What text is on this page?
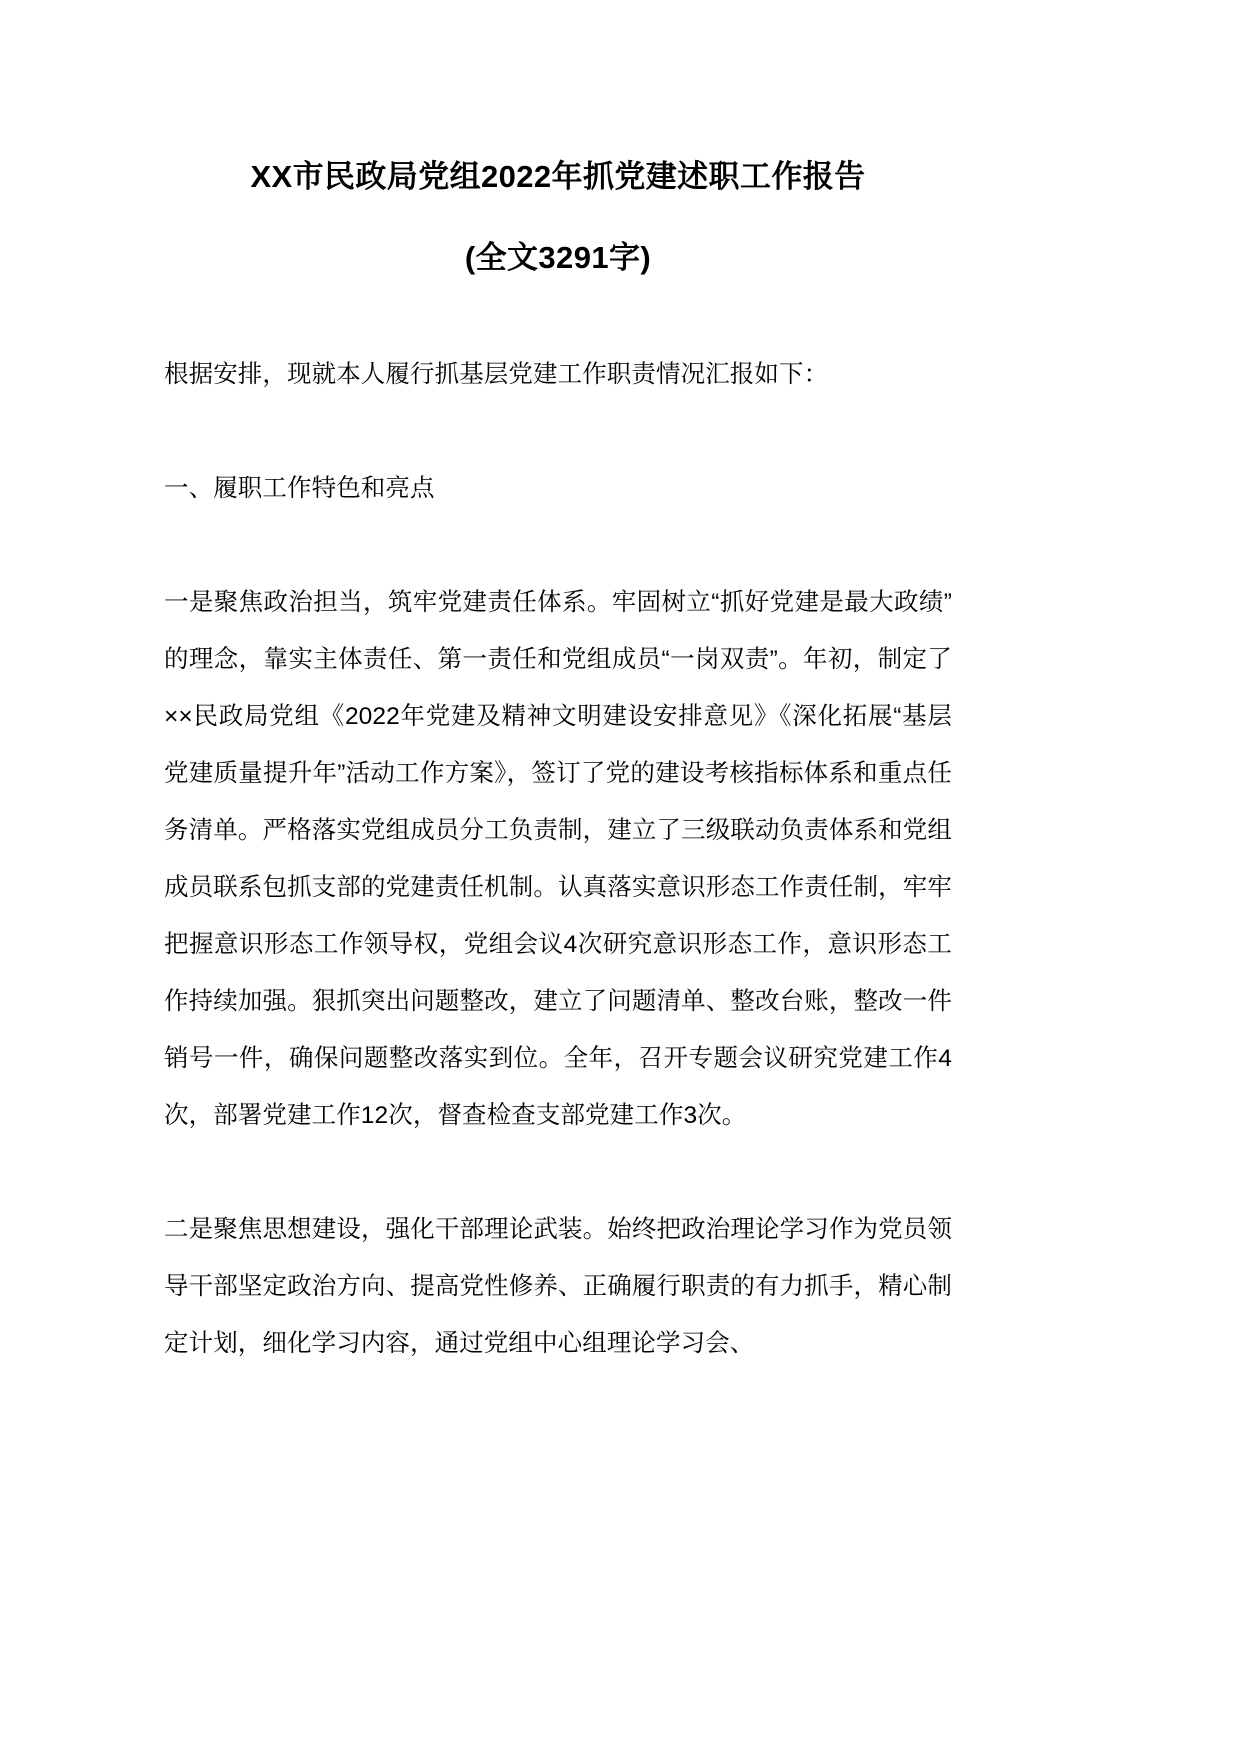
XX市民政局党组2022年抓党建述职工作报告
(全文3291字)

根据安排，现就本人履行抓基层党建工作职责情况汇报如下：

一、履职工作特色和亮点

一是聚焦政治担当，筑牢党建责任体系。牢固树立“抓好党建是最大政绩”的理念，靠实主体责任、第一责任和党组成员“一岗双责”。年初，制定了××民政局党组《2022年党建及精神文明建设安排意见》《深化拓展“基层党建质量提升年”活动工作方案》，签订了党的建设考核指标体系和重点任务清单。严格落实党组成员分工负责制，建立了三级联动负责体系和党组成员联系包抓支部的党建责任机制。认真落实意识形态工作责任制，牢牢把握意识形态工作领导权，党组会议4次研究意识形态工作，意识形态工作持续加强。狠抓突出问题整改，建立了问题清单、整改台账，整改一件销号一件，确保问题整改落实到位。全年，召开专题会议研究党建工作4次，部署党建工作12次，督查检查支部党建工作3次。

二是聚焦思想建设，强化干部理论武装。始终把政治理论学习作为党员领导干部坚定政治方向、提高党性修养、正确履行职责的有力抓手，精心制定计划，细化学习内容，通过党组中心组理论学习会、
